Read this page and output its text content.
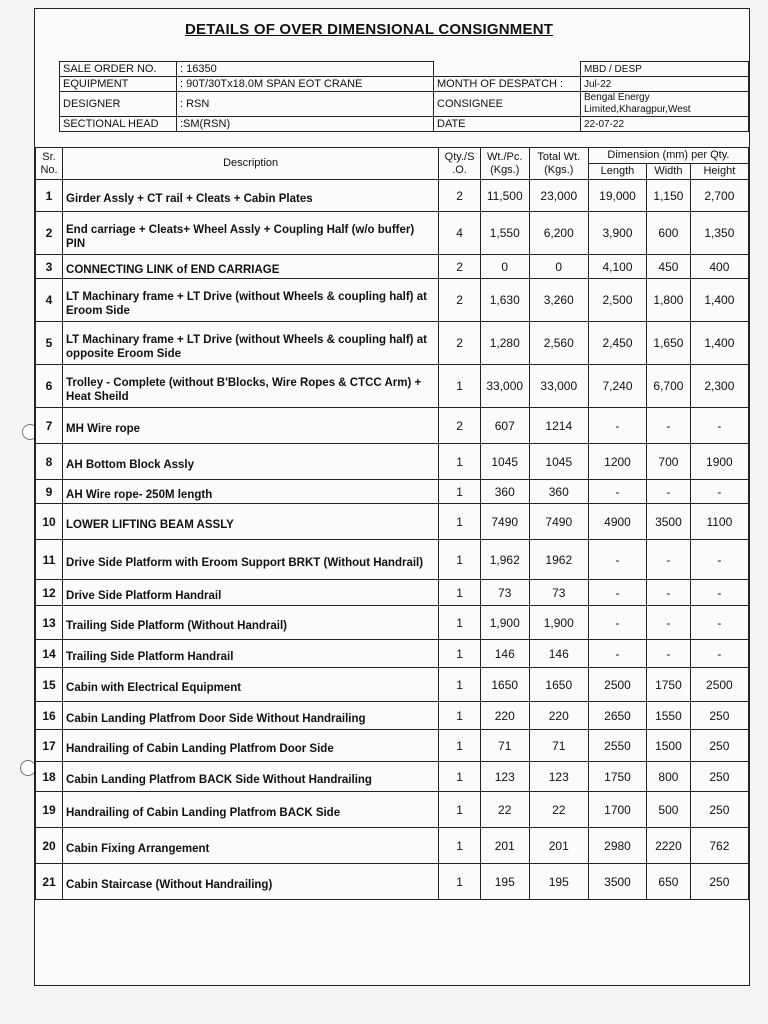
DETAILS OF OVER DIMENSIONAL CONSIGNMENT
SALE ORDER NO.	: 16350		MBD / DESP
EQUIPMENT	: 90T/30Tx18.0M SPAN EOT CRANE	MONTH OF DESPATCH :	Jul-22
DESIGNER	: RSN	CONSIGNEE	Bengal Energy
Limited,Kharagpur,West

SECTIONAL HEAD	:SM(RSN)	DATE	22-07-22
Sr. No.	Description	Qty./S .O.	Wt./Pc. (Kgs.)	Total Wt. (Kgs.)	Dimension (mm) per Qty.		
					Length	Width	Height
1	Girder Assly + CT rail + Cleats + Cabin Plates	2	11,500	23,000	19,000	1,150	2,700
2	End carriage + Cleats+ Wheel Assly + Coupling Half (w/o buffer) PIN	4	1,550	6,200	3,900	600	1,350
3	CONNECTING LINK of END CARRIAGE	2	0	0	4,100	450	400
4	LT Machinary frame + LT Drive (without Wheels & coupling half) at Eroom Side	2	1,630	3,260	2,500	1,800	1,400
5	LT Machinary frame + LT Drive (without Wheels & coupling half) at opposite Eroom Side	2	1,280	2,560	2,450	1,650	1,400
6	Trolley - Complete (without B'Blocks, Wire Ropes & CTCC Arm) + Heat Sheild	1	33,000	33,000	7,240	6,700	2,300
7	MH Wire rope	2	607	1214	-	-	-
8	AH Bottom Block Assly	1	1045	1045	1200	700	1900
9	AH Wire rope- 250M length	1	360	360	-	-	-
10	LOWER LIFTING BEAM ASSLY	1	7490	7490	4900	3500	1100
11	Drive Side Platform with Eroom Support BRKT (Without Handrail)	1	1,962	1962	-	-	-
12	Drive Side Platform Handrail	1	73	73	-	-	-
13	Trailing Side Platform (Without Handrail)	1	1,900	1,900	-	-	-
14	Trailing Side Platform Handrail	1	146	146	-	-	-
15	Cabin with Electrical Equipment	1	1650	1650	2500	1750	2500
16	Cabin Landing Platfrom Door Side Without Handrailing	1	220	220	2650	1550	250
17	Handrailing of Cabin Landing Platfrom Door Side	1	71	71	2550	1500	250
18	Cabin Landing Platfrom BACK Side Without Handrailing	1	123	123	1750	800	250
19	Handrailing of Cabin Landing Platfrom BACK Side	1	22	22	1700	500	250
20	Cabin Fixing Arrangement	1	201	201	2980	2220	762
21	Cabin Staircase (Without Handrailing)	1	195	195	3500	650	250
